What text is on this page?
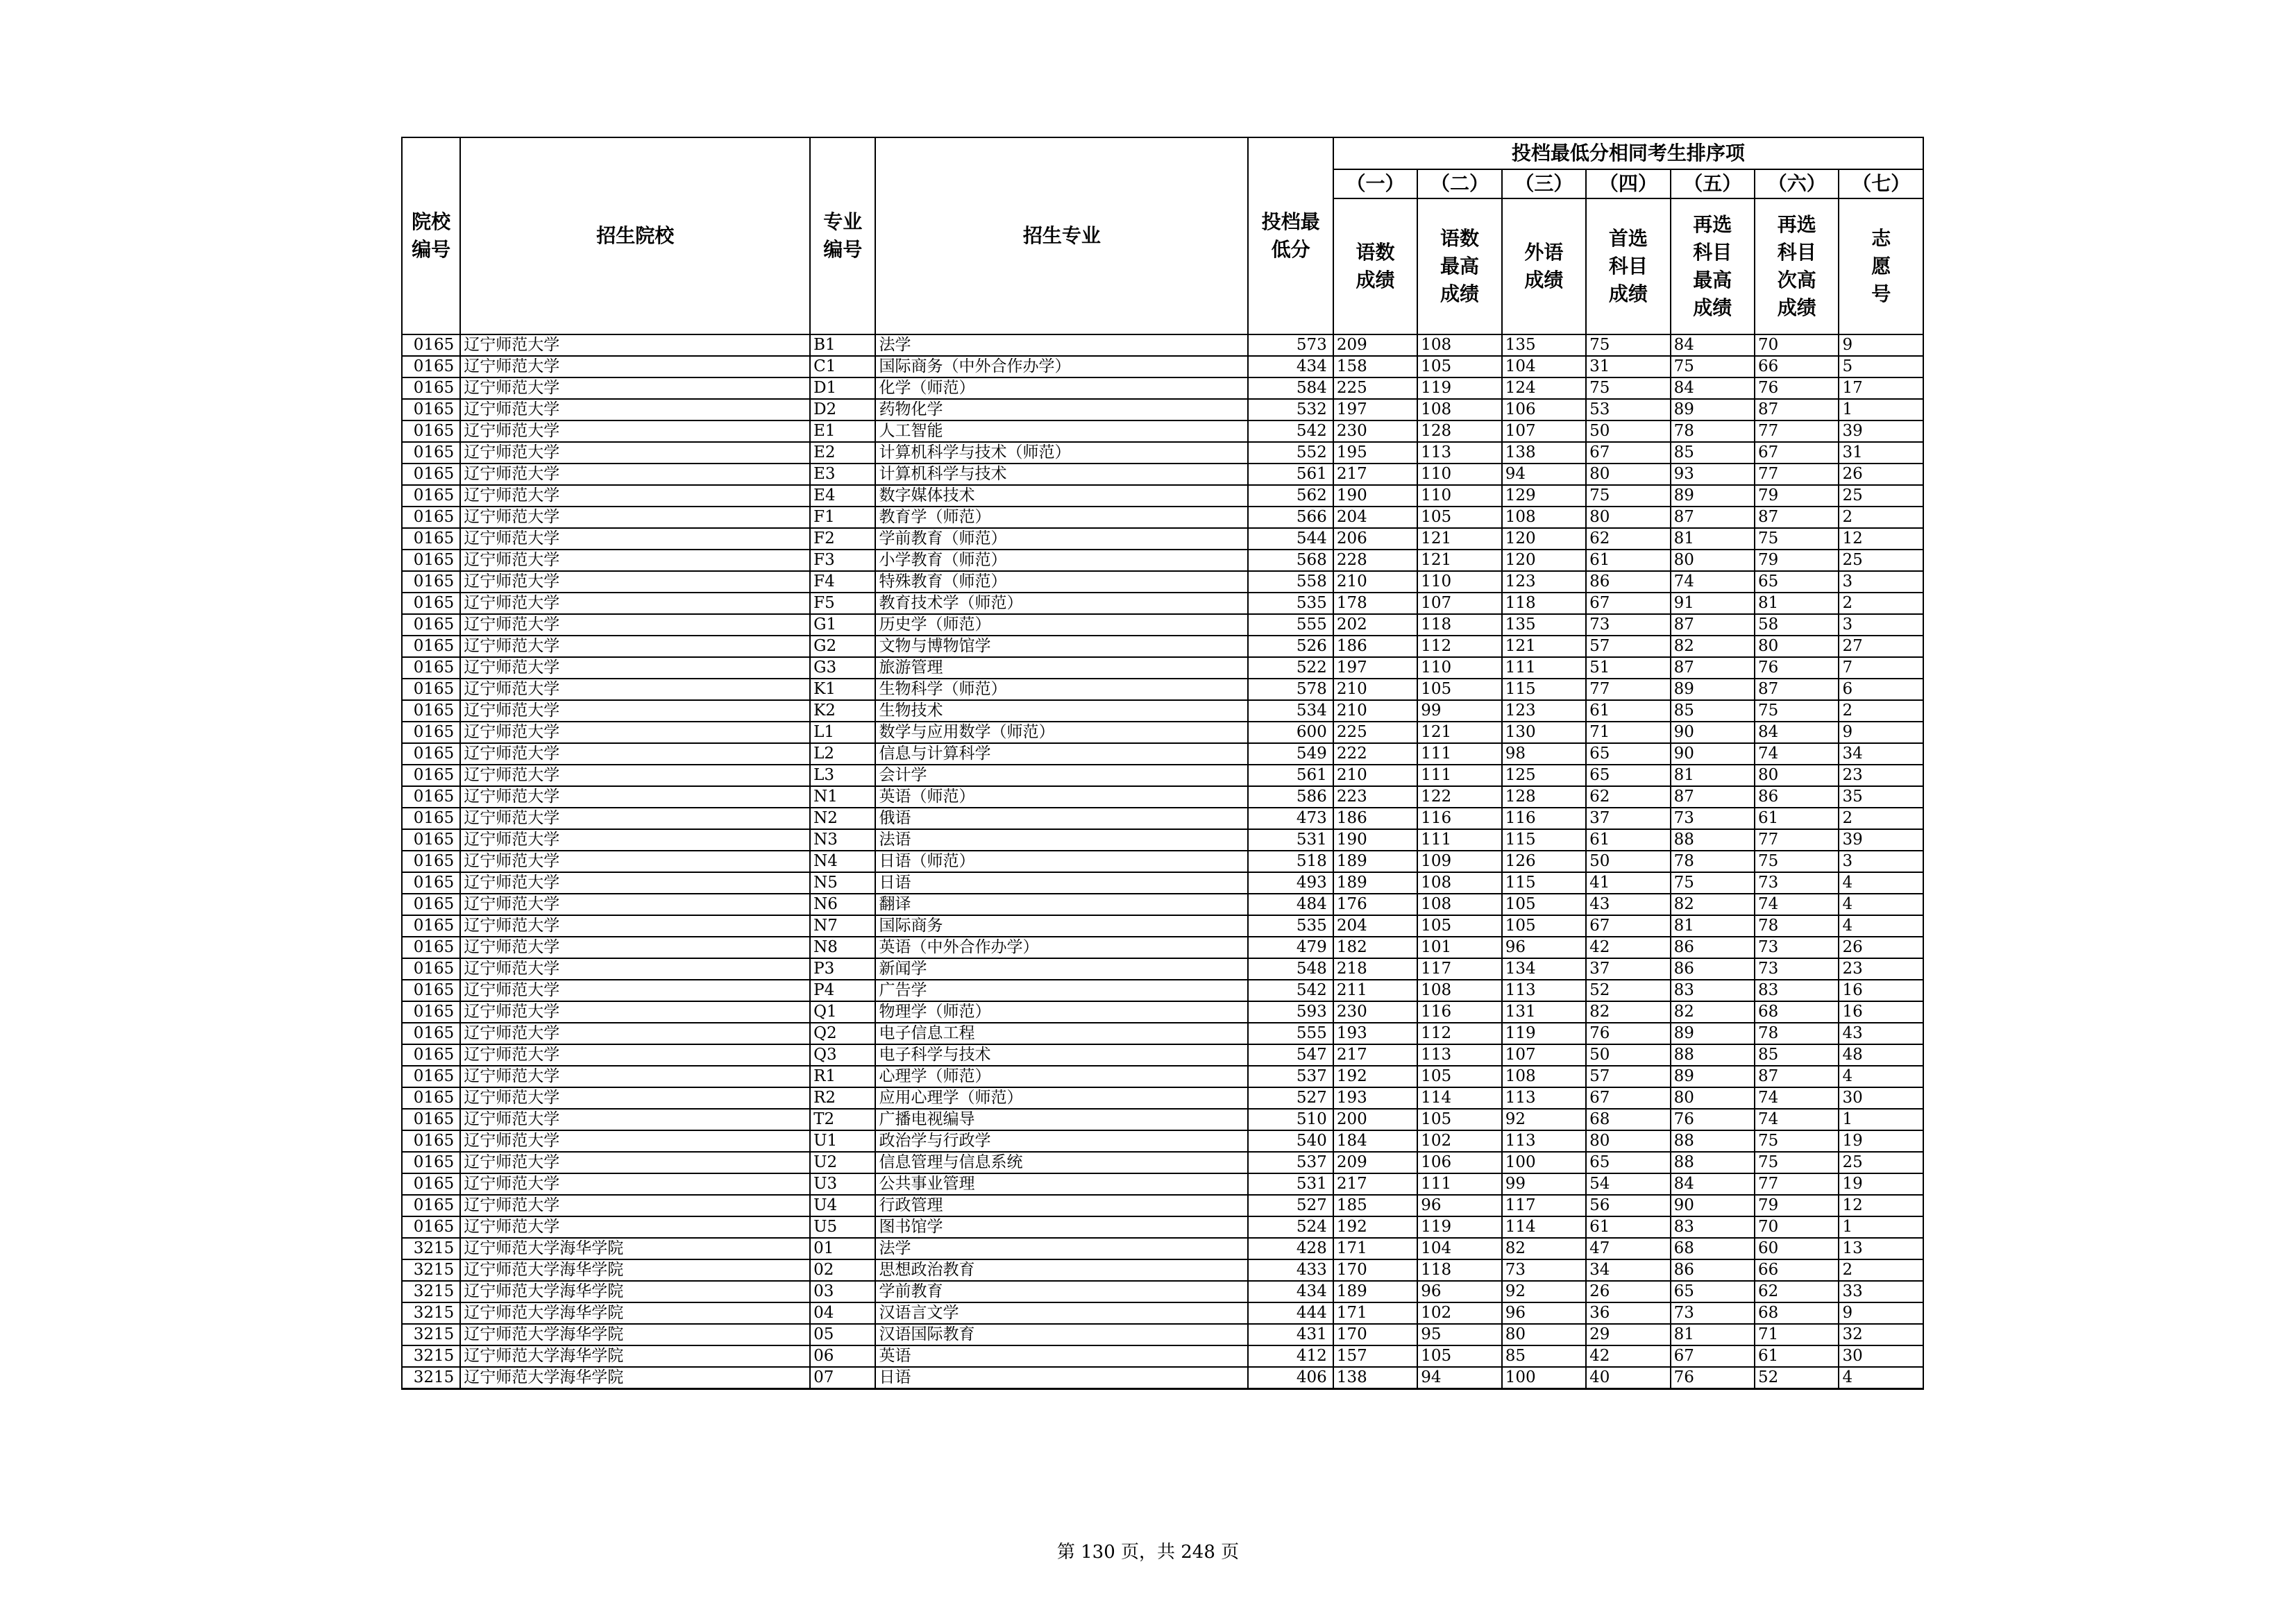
院校编号	招生院校	专业编号	招生专业	投档最低分	投档最低分相同考生排序项						
					（一）	（二）	（三）	（四）	（五）	（六）	（七）
					语数成绩	语数最高成绩	外语成绩	首选科目成绩	再选科目最高成绩	再选科目次高成绩	志愿号
0165	辽宁师范大学	B1	法学	573	209	108	135	75	84	70	9
0165	辽宁师范大学	C1	国际商务（中外合作办学）	434	158	105	104	31	75	66	5
0165	辽宁师范大学	D1	化学（师范）	584	225	119	124	75	84	76	17
0165	辽宁师范大学	D2	药物化学	532	197	108	106	53	89	87	1
0165	辽宁师范大学	E1	人工智能	542	230	128	107	50	78	77	39
0165	辽宁师范大学	E2	计算机科学与技术（师范）	552	195	113	138	67	85	67	31
0165	辽宁师范大学	E3	计算机科学与技术	561	217	110	94	80	93	77	26
0165	辽宁师范大学	E4	数字媒体技术	562	190	110	129	75	89	79	25
0165	辽宁师范大学	F1	教育学（师范）	566	204	105	108	80	87	87	2
0165	辽宁师范大学	F2	学前教育（师范）	544	206	121	120	62	81	75	12
0165	辽宁师范大学	F3	小学教育（师范）	568	228	121	120	61	80	79	25
0165	辽宁师范大学	F4	特殊教育（师范）	558	210	110	123	86	74	65	3
0165	辽宁师范大学	F5	教育技术学（师范）	535	178	107	118	67	91	81	2
0165	辽宁师范大学	G1	历史学（师范）	555	202	118	135	73	87	58	3
0165	辽宁师范大学	G2	文物与博物馆学	526	186	112	121	57	82	80	27
0165	辽宁师范大学	G3	旅游管理	522	197	110	111	51	87	76	7
0165	辽宁师范大学	K1	生物科学（师范）	578	210	105	115	77	89	87	6
0165	辽宁师范大学	K2	生物技术	534	210	99	123	61	85	75	2
0165	辽宁师范大学	L1	数学与应用数学（师范）	600	225	121	130	71	90	84	9
0165	辽宁师范大学	L2	信息与计算科学	549	222	111	98	65	90	74	34
0165	辽宁师范大学	L3	会计学	561	210	111	125	65	81	80	23
0165	辽宁师范大学	N1	英语（师范）	586	223	122	128	62	87	86	35
0165	辽宁师范大学	N2	俄语	473	186	116	116	37	73	61	2
0165	辽宁师范大学	N3	法语	531	190	111	115	61	88	77	39
0165	辽宁师范大学	N4	日语（师范）	518	189	109	126	50	78	75	3
0165	辽宁师范大学	N5	日语	493	189	108	115	41	75	73	4
0165	辽宁师范大学	N6	翻译	484	176	108	105	43	82	74	4
0165	辽宁师范大学	N7	国际商务	535	204	105	105	67	81	78	4
0165	辽宁师范大学	N8	英语（中外合作办学）	479	182	101	96	42	86	73	26
0165	辽宁师范大学	P3	新闻学	548	218	117	134	37	86	73	23
0165	辽宁师范大学	P4	广告学	542	211	108	113	52	83	83	16
0165	辽宁师范大学	Q1	物理学（师范）	593	230	116	131	82	82	68	16
0165	辽宁师范大学	Q2	电子信息工程	555	193	112	119	76	89	78	43
0165	辽宁师范大学	Q3	电子科学与技术	547	217	113	107	50	88	85	48
0165	辽宁师范大学	R1	心理学（师范）	537	192	105	108	57	89	87	4
0165	辽宁师范大学	R2	应用心理学（师范）	527	193	114	113	67	80	74	30
0165	辽宁师范大学	T2	广播电视编导	510	200	105	92	68	76	74	1
0165	辽宁师范大学	U1	政治学与行政学	540	184	102	113	80	88	75	19
0165	辽宁师范大学	U2	信息管理与信息系统	537	209	106	100	65	88	75	25
0165	辽宁师范大学	U3	公共事业管理	531	217	111	99	54	84	77	19
0165	辽宁师范大学	U4	行政管理	527	185	96	117	56	90	79	12
0165	辽宁师范大学	U5	图书馆学	524	192	119	114	61	83	70	1
3215	辽宁师范大学海华学院	01	法学	428	171	104	82	47	68	60	13
3215	辽宁师范大学海华学院	02	思想政治教育	433	170	118	73	34	86	66	2
3215	辽宁师范大学海华学院	03	学前教育	434	189	96	92	26	65	62	33
3215	辽宁师范大学海华学院	04	汉语言文学	444	171	102	96	36	73	68	9
3215	辽宁师范大学海华学院	05	汉语国际教育	431	170	95	80	29	81	71	32
3215	辽宁师范大学海华学院	06	英语	412	157	105	85	42	67	61	30
3215	辽宁师范大学海华学院	07	日语	406	138	94	100	40	76	52	4
第 130 页，共 248 页
